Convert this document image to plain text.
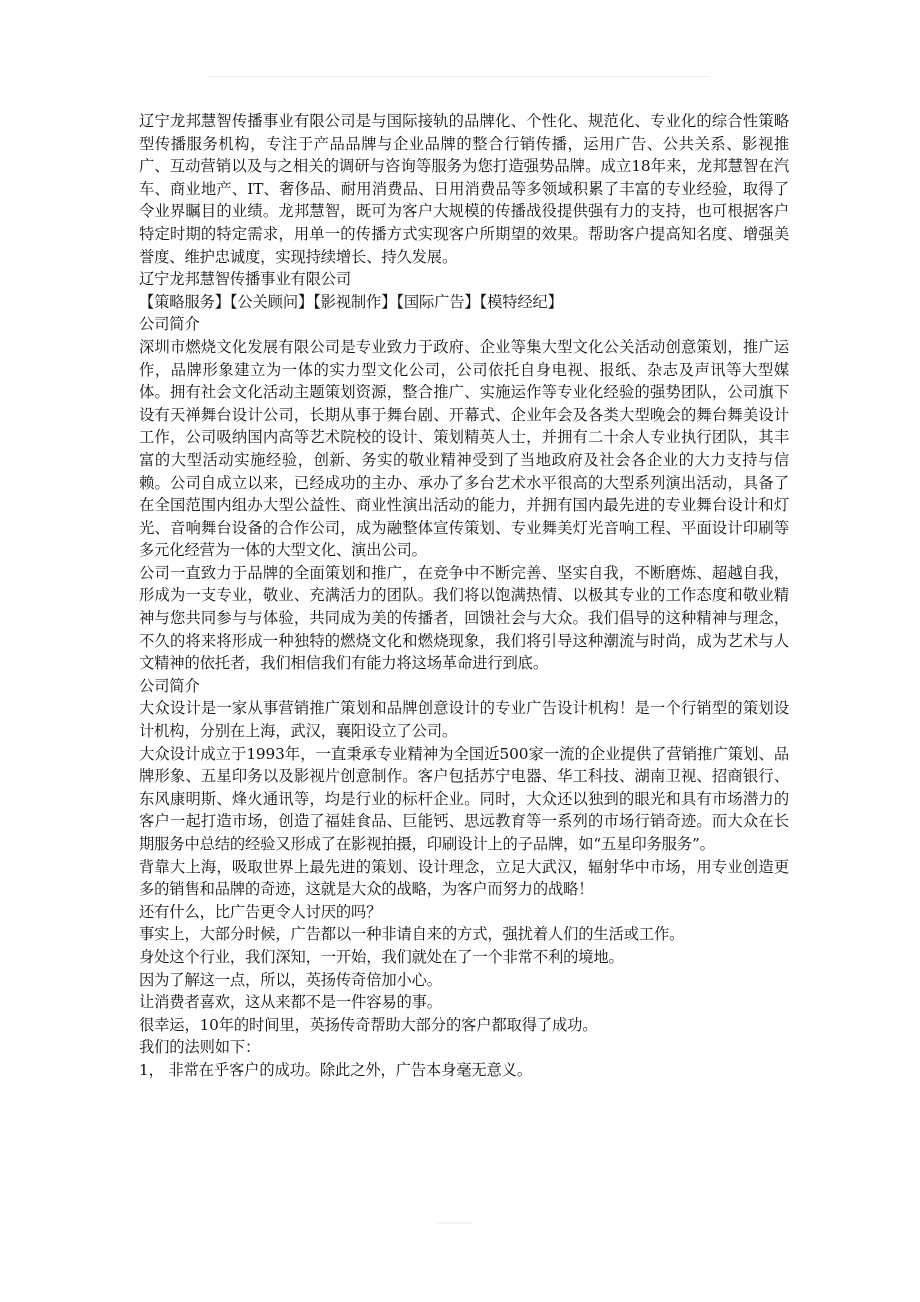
辽宁龙邦慧智传播事业有限公司是与国际接轨的品牌化、个性化、规范化、专业化的综合性策略型传播服务机构，专注于产品品牌与企业品牌的整合行销传播，运用广告、公共关系、影视推广、互动营销以及与之相关的调研与咨询等服务为您打造强势品牌。成立18年来，龙邦慧智在汽车、商业地产、IT、奢侈品、耐用消费品、日用消费品等多领域积累了丰富的专业经验，取得了令业界瞩目的业绩。龙邦慧智，既可为客户大规模的传播战役提供强有力的支持，也可根据客户特定时期的特定需求，用单一的传播方式实现客户所期望的效果。帮助客户提高知名度、增强美誉度、维护忠诚度，实现持续增长、持久发展。

辽宁龙邦慧智传播事业有限公司

【策略服务】【公关顾问】【影视制作】【国际广告】【模特经纪】

公司简介

深圳市燃烧文化发展有限公司是专业致力于政府、企业等集大型文化公关活动创意策划，推广运作，品牌形象建立为一体的实力型文化公司，公司依托自身电视、报纸、杂志及声讯等大型媒体。拥有社会文化活动主题策划资源，整合推广、实施运作等专业化经验的强势团队，公司旗下设有天禅舞台设计公司，长期从事于舞台剧、开幕式、企业年会及各类大型晚会的舞台舞美设计工作，公司吸纳国内高等艺术院校的设计、策划精英人士，并拥有二十余人专业执行团队，其丰富的大型活动实施经验，创新、务实的敬业精神受到了当地政府及社会各企业的大力支持与信赖。公司自成立以来，已经成功的主办、承办了多台艺术水平很高的大型系列演出活动，具备了在全国范围内组办大型公益性、商业性演出活动的能力，并拥有国内最先进的专业舞台设计和灯光、音响舞台设备的合作公司，成为融整体宣传策划、专业舞美灯光音响工程、平面设计印刷等多元化经营为一体的大型文化、演出公司。

公司一直致力于品牌的全面策划和推广，在竞争中不断完善、坚实自我，不断磨炼、超越自我，形成为一支专业，敬业、充满活力的团队。我们将以饱满热情、以极其专业的工作态度和敬业精神与您共同参与与体验，共同成为美的传播者，回馈社会与大众。我们倡导的这种精神与理念，不久的将来将形成一种独特的燃烧文化和燃烧现象，我们将引导这种潮流与时尚，成为艺术与人文精神的依托者，我们相信我们有能力将这场革命进行到底。

公司简介

大众设计是一家从事营销推广策划和品牌创意设计的专业广告设计机构！是一个行销型的策划设计机构，分别在上海，武汉，襄阳设立了公司。

大众设计成立于1993年，一直秉承专业精神为全国近500家一流的企业提供了营销推广策划、品牌形象、五星印务以及影视片创意制作。客户包括苏宁电器、华工科技、湖南卫视、招商银行、东风康明斯、烽火通讯等，均是行业的标杆企业。同时，大众还以独到的眼光和具有市场潜力的客户一起打造市场，创造了福娃食品、巨能钙、思远教育等一系列的市场行销奇迹。而大众在长期服务中总结的经验又形成了在影视拍摄，印刷设计上的子品牌，如“五星印务服务”。

背靠大上海，吸取世界上最先进的策划、设计理念，立足大武汉，辐射华中市场，用专业创造更多的销售和品牌的奇迹，这就是大众的战略，为客户而努力的战略！

还有什么，比广告更令人讨厌的吗？

事实上，大部分时候，广告都以一种非请自来的方式，强扰着人们的生活或工作。

身处这个行业，我们深知，一开始，我们就处在了一个非常不利的境地。

因为了解这一点，所以，英扬传奇倍加小心。

让消费者喜欢，这从来都不是一件容易的事。

很幸运，10年的时间里，英扬传奇帮助大部分的客户都取得了成功。

我们的法则如下：

1， 非常在乎客户的成功。除此之外，广告本身毫无意义。
